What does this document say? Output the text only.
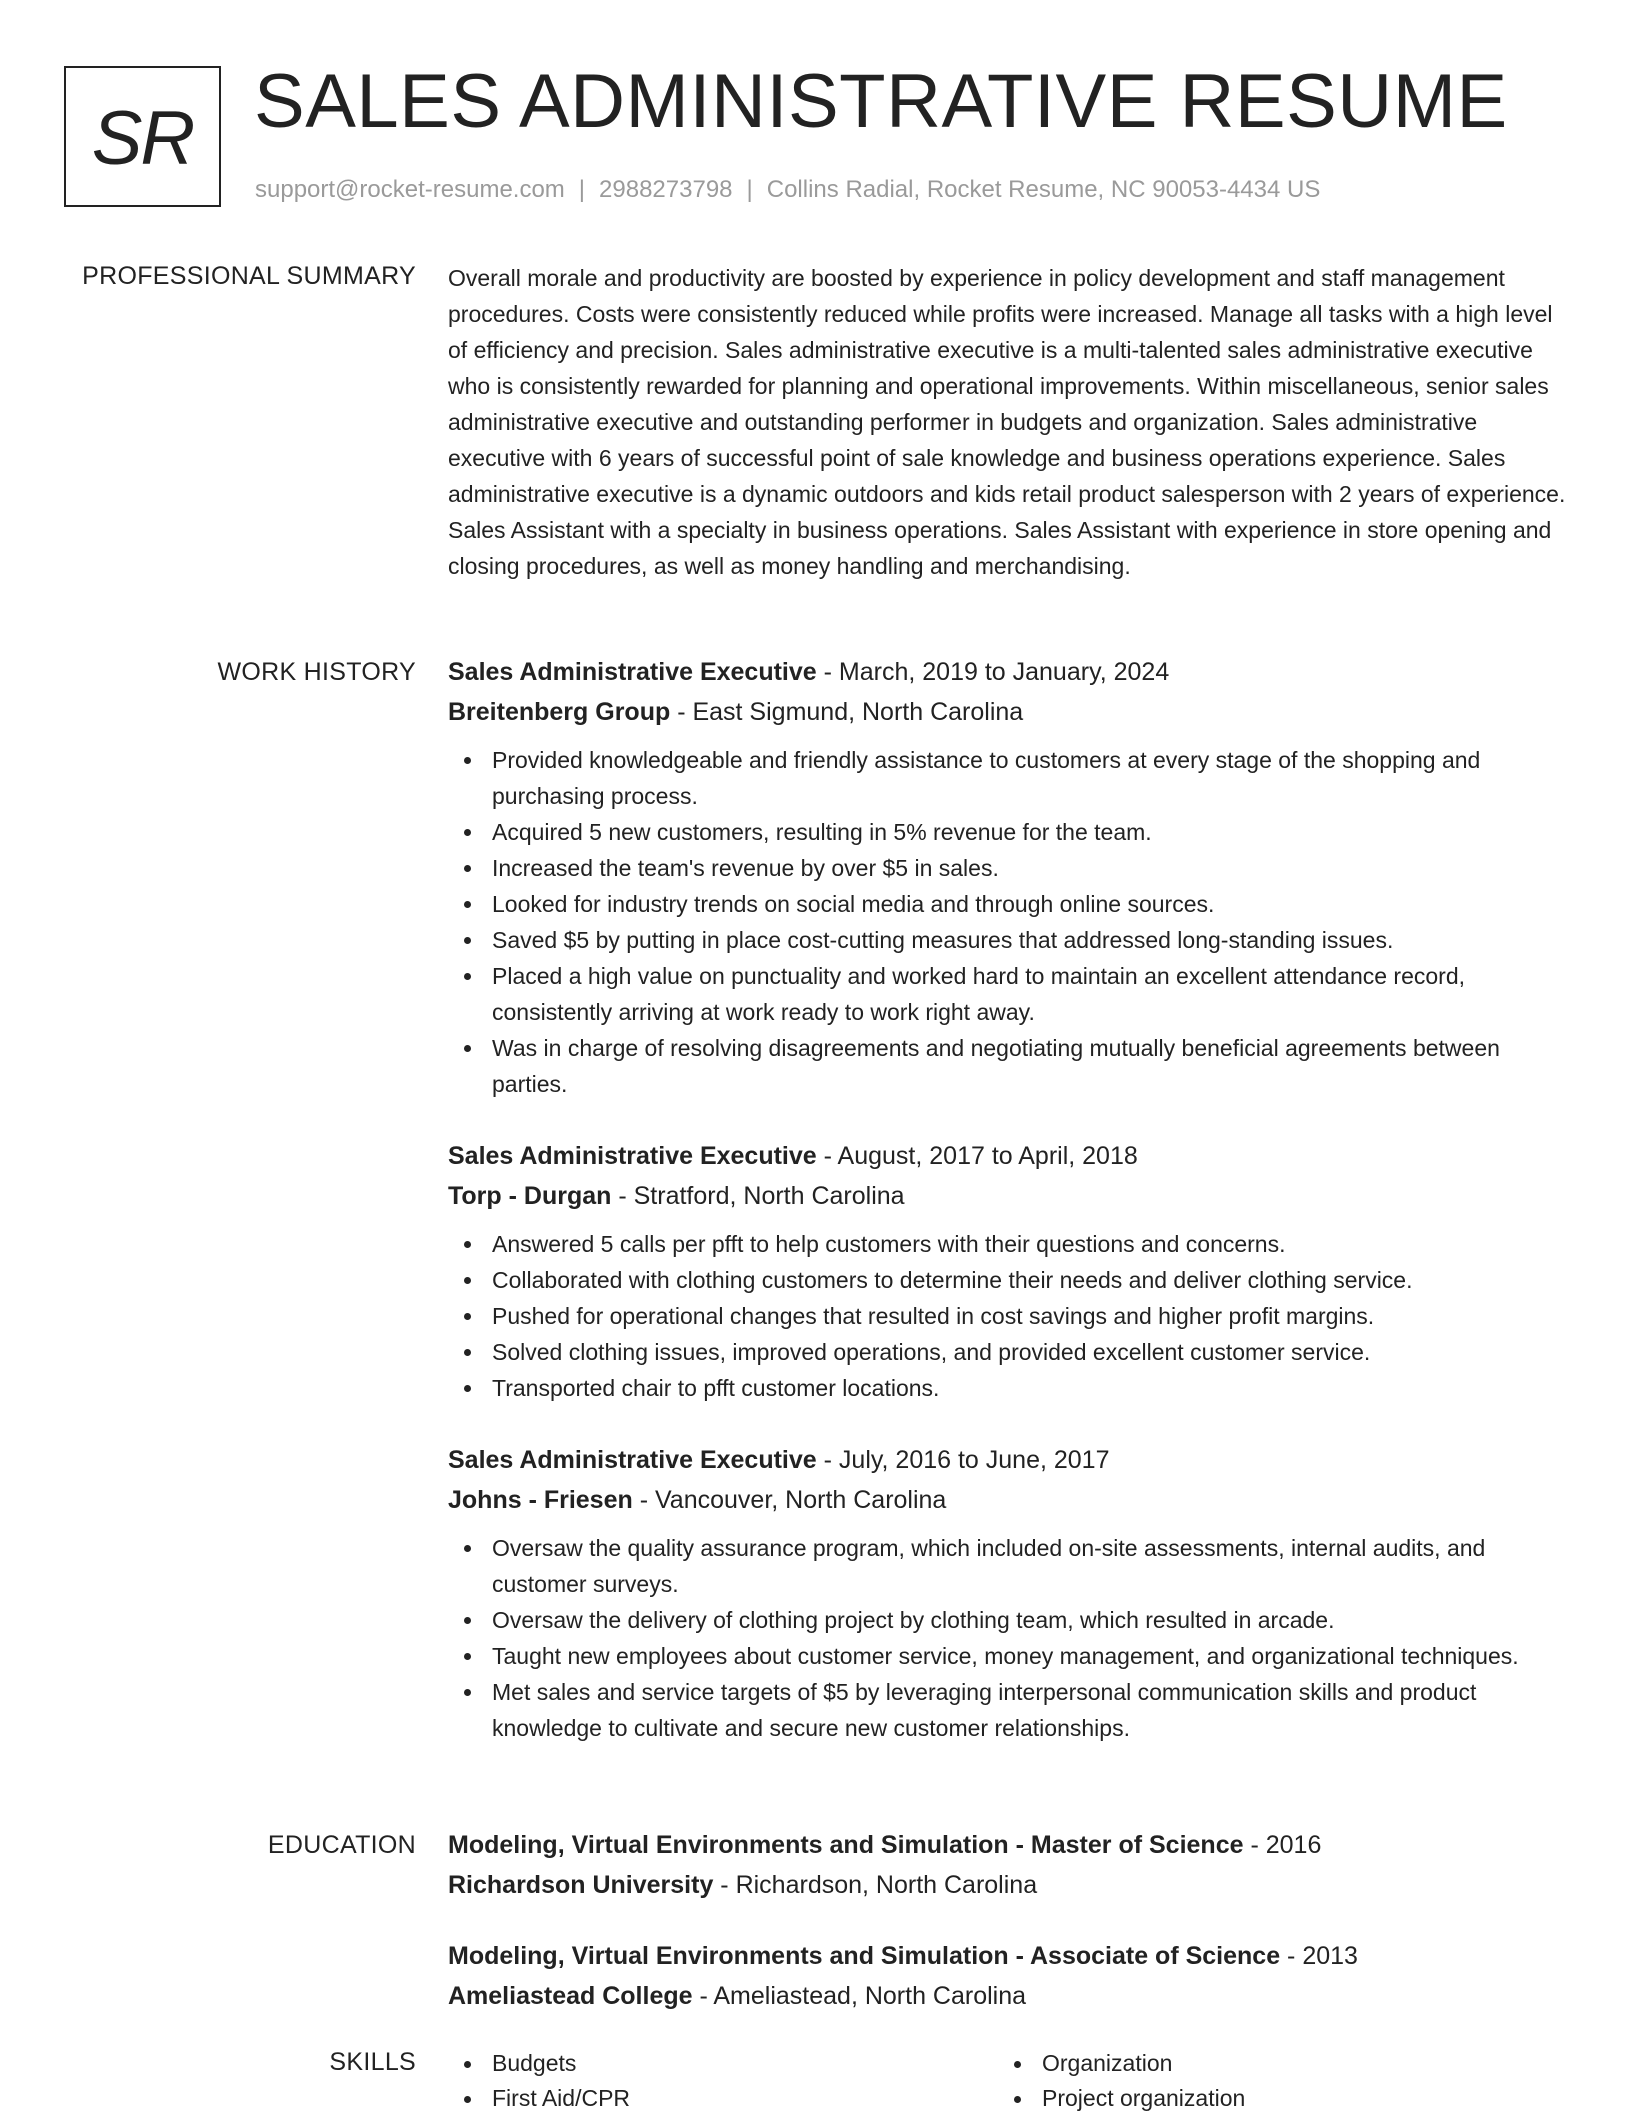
SR SALES ADMINISTRATIVE RESUME
support@rocket-resume.com | 2988273798 | Collins Radial, Rocket Resume, NC 90053-4434 US
PROFESSIONAL SUMMARY Overall morale and productivity are boosted by experience in policy development and staff management procedures. Costs were consistently reduced while profits were increased. Manage all tasks with a high level of efficiency and precision. Sales administrative executive is a multi-talented sales administrative executive who is consistently rewarded for planning and operational improvements. Within miscellaneous, senior sales administrative executive and outstanding performer in budgets and organization. Sales administrative executive with 6 years of successful point of sale knowledge and business operations experience. Sales administrative executive is a dynamic outdoors and kids retail product salesperson with 2 years of experience. Sales Assistant with a specialty in business operations. Sales Assistant with experience in store opening and closing procedures, as well as money handling and merchandising.

WORK HISTORY Sales Administrative Executive - March, 2019 to January, 2024
Breitenberg Group - East Sigmund, North Carolina
Provided knowledgeable and friendly assistance to customers at every stage of the shopping and purchasing process.
Acquired 5 new customers, resulting in 5% revenue for the team.
Increased the team's revenue by over $5 in sales.
Looked for industry trends on social media and through online sources.
Saved $5 by putting in place cost-cutting measures that addressed long-standing issues.
Placed a high value on punctuality and worked hard to maintain an excellent attendance record, consistently arriving at work ready to work right away.
Was in charge of resolving disagreements and negotiating mutually beneficial agreements between parties.
Sales Administrative Executive - August, 2017 to April, 2018
Torp - Durgan - Stratford, North Carolina
Answered 5 calls per pfft to help customers with their questions and concerns.
Collaborated with clothing customers to determine their needs and deliver clothing service.
Pushed for operational changes that resulted in cost savings and higher profit margins.
Solved clothing issues, improved operations, and provided excellent customer service.
Transported chair to pfft customer locations.
Sales Administrative Executive - July, 2016 to June, 2017
Johns - Friesen - Vancouver, North Carolina
Oversaw the quality assurance program, which included on-site assessments, internal audits, and customer surveys.
Oversaw the delivery of clothing project by clothing team, which resulted in arcade.
Taught new employees about customer service, money management, and organizational techniques.
Met sales and service targets of $5 by leveraging interpersonal communication skills and product knowledge to cultivate and secure new customer relationships.
EDUCATION Modeling, Virtual Environments and Simulation - Master of Science - 2016
Richardson University - Richardson, North Carolina
Modeling, Virtual Environments and Simulation - Associate of Science - 2013
Ameliastead College - Ameliastead, North Carolina
SKILLS	Budgets	Organization
First Aid/CPR	Project organization
